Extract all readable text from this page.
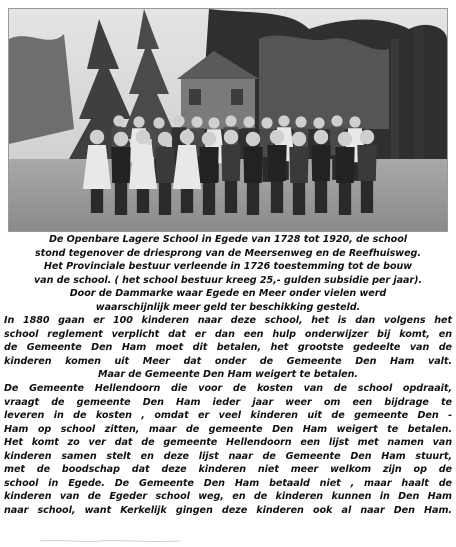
De Openbare Lagere School in Egede van 1728 tot 1920, de school
stond tegenover de driesprong van de Meersenweg en de Reefhuisweg.
Het Provinciale bestuur verleende in 1726 toestemming tot de bouw
van de school. ( het school bestuur kreeg 25,- gulden subsidie per jaar).
Door de Dammarke waar Egede en Meer onder vielen werd
waarschijnlijk meer geld ter beschikking gesteld.
In 1880 gaan er 100 kinderen naar deze school, het is dan volgens het
school reglement verplicht dat er dan een hulp onderwijzer bij komt, en
de Gemeente Den Ham moet dit betalen, het grootste gedeelte van de
kinderen komen uit Meer dat onder de Gemeente Den Ham valt.
Maar de Gemeente Den Ham weigert te betalen.
De Gemeente Hellendoorn die voor de kosten van de school opdraait,
vraagt de gemeente Den Ham ieder jaar weer om een bijdrage te
leveren in de kosten , omdat er veel kinderen uit de gemeente Den -
Ham op school zitten, maar de gemeente Den Ham weigert te betalen.
Het komt zo ver dat de gemeente Hellendoorn een lijst met namen van
kinderen samen stelt en deze lijst naar de Gemeente Den Ham stuurt,
met de boodschap dat deze kinderen niet meer welkom zijn op de
school in Egede. De Gemeente Den Ham betaald niet , maar haalt de
kinderen van de Egeder school weg, en de kinderen kunnen in Den Ham
naar school, want Kerkelijk gingen deze kinderen ook al naar Den Ham.
